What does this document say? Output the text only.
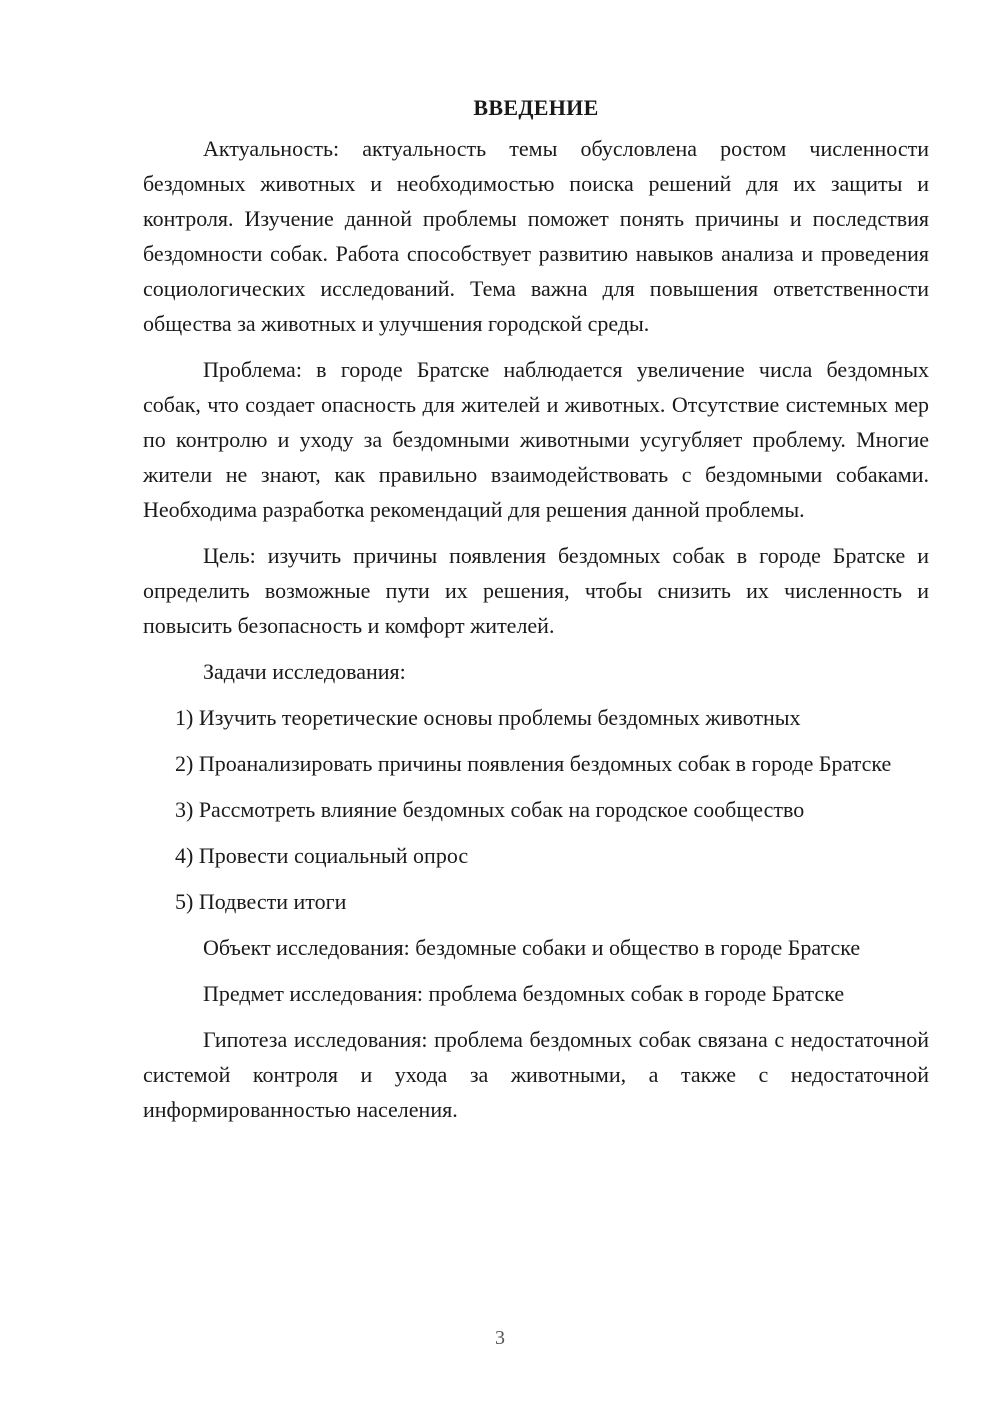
ВВЕДЕНИЕ

Актуальность: актуальность темы обусловлена ростом численности бездомных животных и необходимостью поиска решений для их защиты и контроля. Изучение данной проблемы поможет понять причины и последствия бездомности собак. Работа способствует развитию навыков анализа и проведения социологических исследований. Тема важна для повышения ответственности общества за животных и улучшения городской среды.

Проблема: в городе Братске наблюдается увеличение числа бездомных собак, что создает опасность для жителей и животных. Отсутствие системных мер по контролю и уходу за бездомными животными усугубляет проблему. Многие жители не знают, как правильно взаимодействовать с бездомными собаками. Необходима разработка рекомендаций для решения данной проблемы.

Цель: изучить причины появления бездомных собак в городе Братске и определить возможные пути их решения, чтобы снизить их численность и повысить безопасность и комфорт жителей.

Задачи исследования:

1) Изучить теоретические основы проблемы бездомных животных

2) Проанализировать причины появления бездомных собак в городе Братске

3) Рассмотреть влияние бездомных собак на городское сообщество

4) Провести социальный опрос

5) Подвести итоги

Объект исследования: бездомные собаки и общество в городе Братске

Предмет исследования: проблема бездомных собак в городе Братске

Гипотеза исследования: проблема бездомных собак связана с недостаточной системой контроля и ухода за животными, а также с недостаточной информированностью населения.

3
